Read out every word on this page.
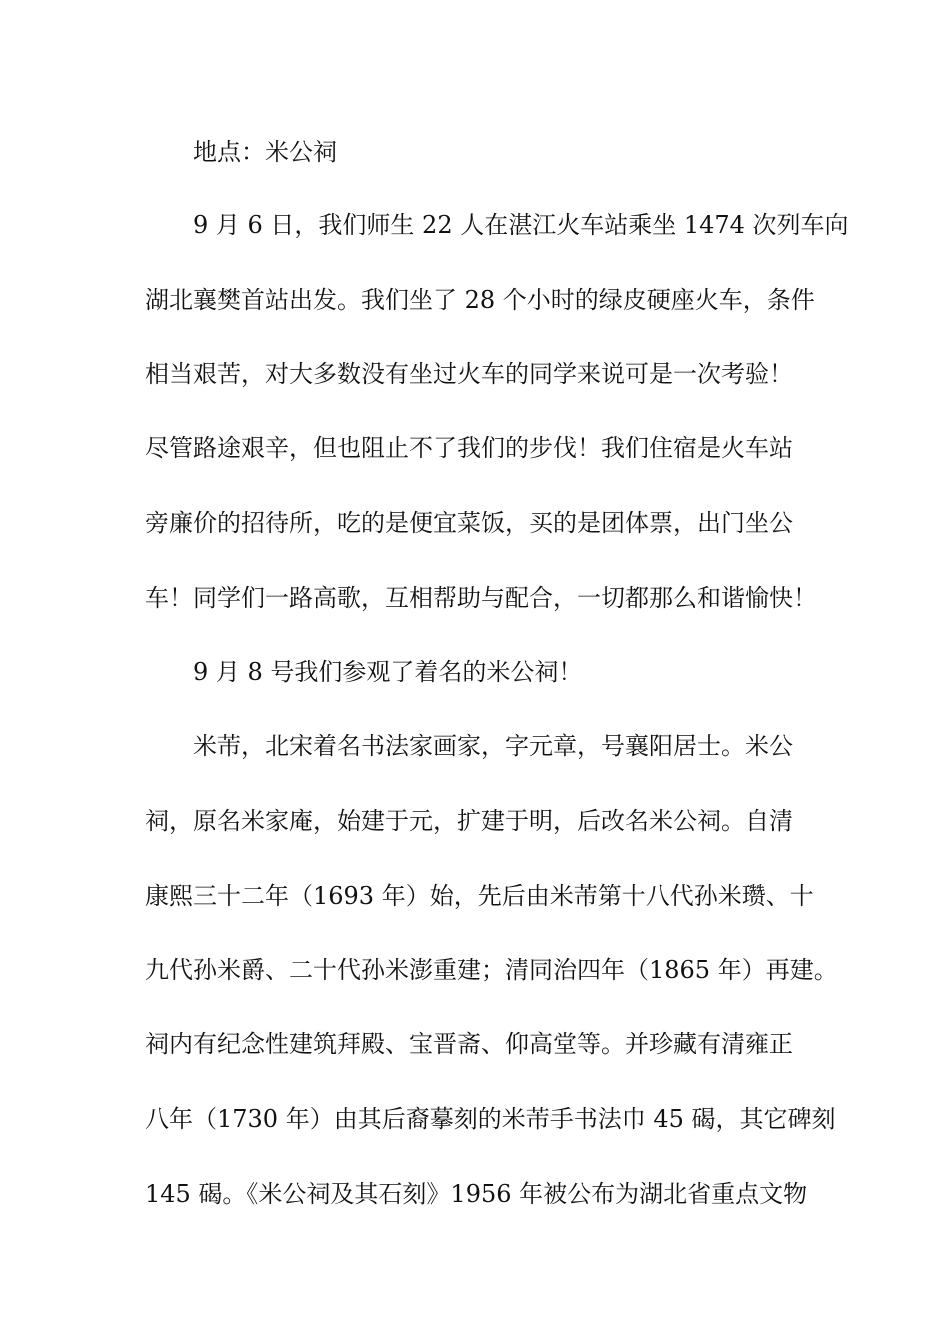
地点：米公祠
9 月 6 日，我们师生 22 人在湛江火车站乘坐 1474 次列车向
湖北襄樊首站出发。我们坐了 28 个小时的绿皮硬座火车，条件
相当艰苦，对大多数没有坐过火车的同学来说可是一次考验！
尽管路途艰辛，但也阻止不了我们的步伐！我们住宿是火车站
旁廉价的招待所，吃的是便宜菜饭，买的是团体票，出门坐公
车！同学们一路高歌，互相帮助与配合，一切都那么和谐愉快！
9 月 8 号我们参观了着名的米公祠！
米芾，北宋着名书法家画家，字元章，号襄阳居士。米公
祠，原名米家庵，始建于元，扩建于明，后改名米公祠。自清
康熙三十二年（1693 年）始，先后由米芾第十八代孙米瓒、十
九代孙米爵、二十代孙米澎重建；清同治四年（1865 年）再建。
祠内有纪念性建筑拜殿、宝晋斋、仰高堂等。并珍藏有清雍正
八年（1730 年）由其后裔摹刻的米芾手书法巾 45 碣，其它碑刻
145 碣。《米公祠及其石刻》1956 年被公布为湖北省重点文物
